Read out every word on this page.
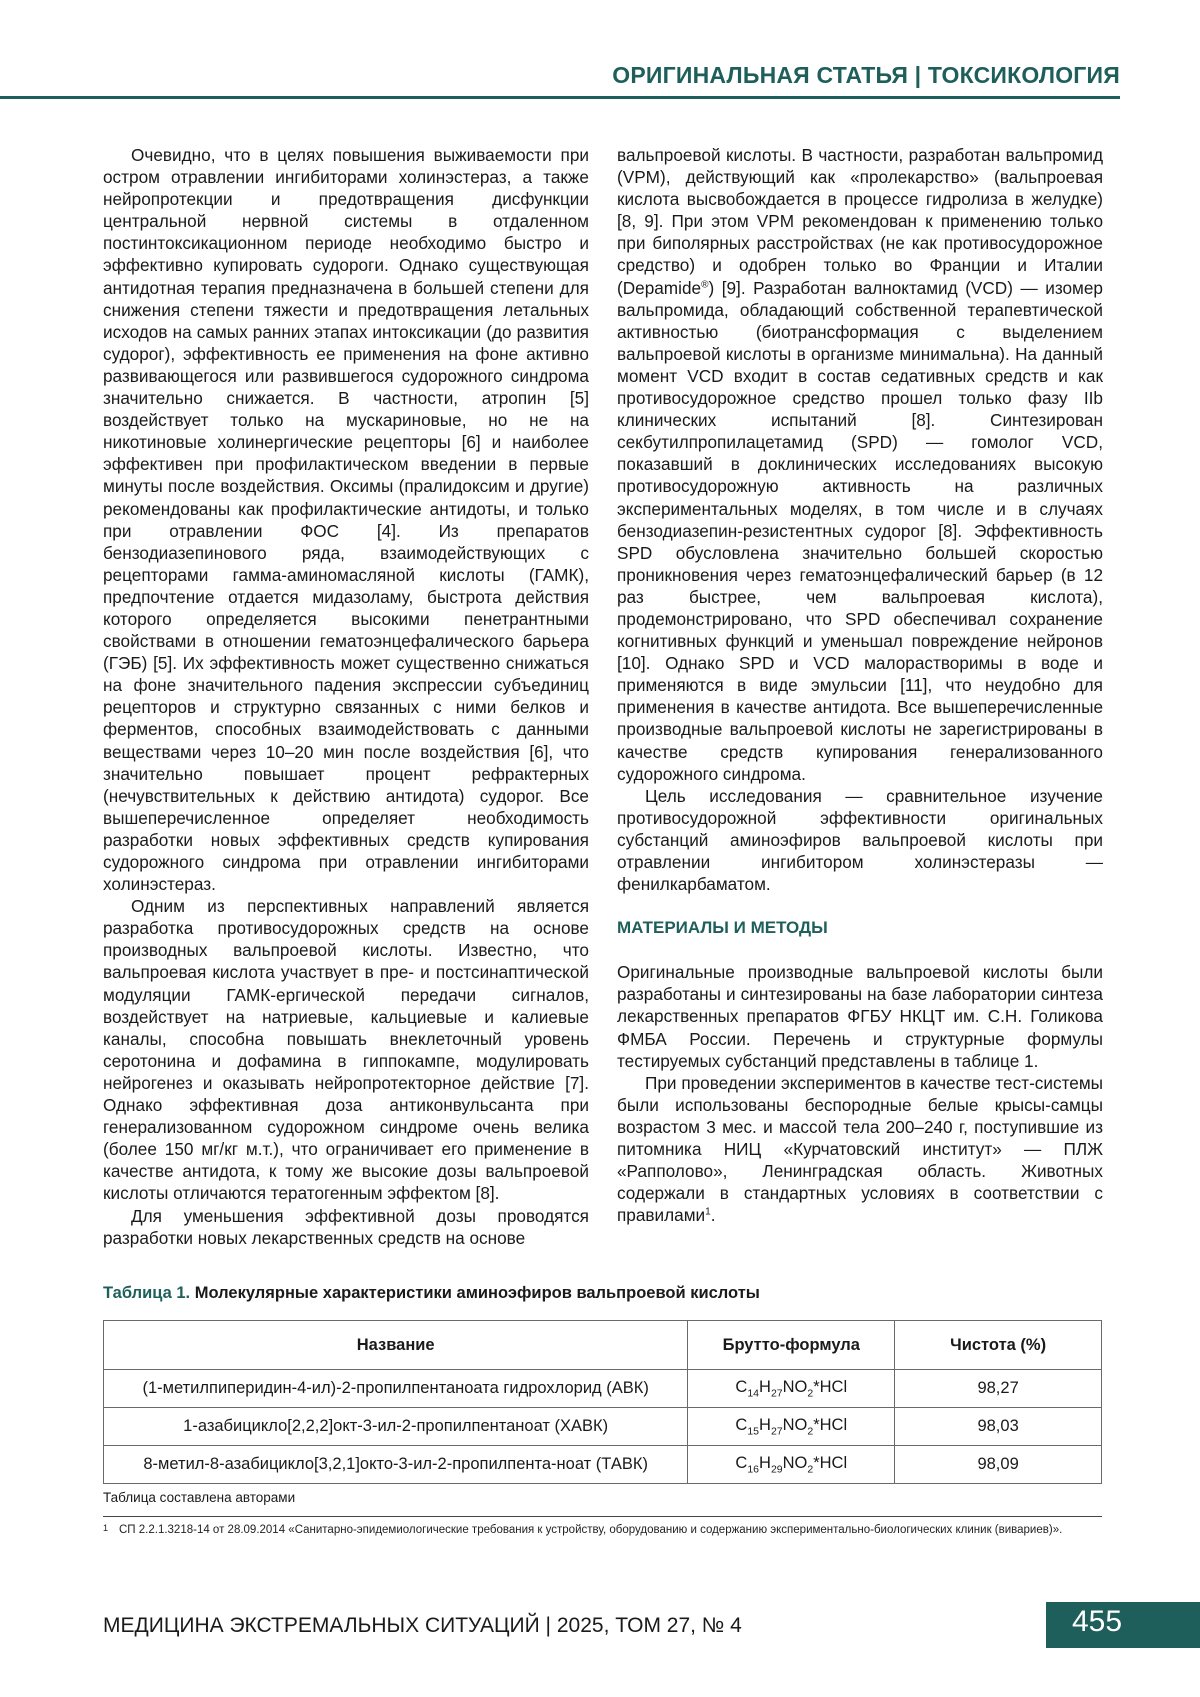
ОРИГИНАЛЬНАЯ СТАТЬЯ | ТОКСИКОЛОГИЯ

Очевидно, что в целях повышения выживаемости при остром отравлении ингибиторами холинэстераз, а также нейропротекции и предотвращения дисфункции центральной нервной системы в отдаленном постинтоксикационном периоде необходимо быстро и эффективно купировать судороги. Однако существующая антидотная терапия предназначена в большей степени для снижения степени тяжести и предотвращения летальных исходов на самых ранних этапах интоксикации (до развития судорог), эффективность ее применения на фоне активно развивающегося или развившегося судорожного синдрома значительно снижается. В частности, атропин [5] воздействует только на мускариновые, но не на никотиновые холинергические рецепторы [6] и наиболее эффективен при профилактическом введении в первые минуты после воздействия. Оксимы (пралидоксим и другие) рекомендованы как профилактические антидоты, и только при отравлении ФОС [4]. Из препаратов бензодиазепинового ряда, взаимодействующих с рецепторами гамма-аминомасляной кислоты (ГАМК), предпочтение отдается мидазоламу, быстрота действия которого определяется высокими пенетрантными свойствами в отношении гематоэнцефалического барьера (ГЭБ) [5]. Их эффективность может существенно снижаться на фоне значительного падения экспрессии субъединиц рецепторов и структурно связанных с ними белков и ферментов, способных взаимодействовать с данными веществами через 10–20 мин после воздействия [6], что значительно повышает процент рефрактерных (нечувствительных к действию антидота) судорог. Все вышеперечисленное определяет необходимость разработки новых эффективных средств купирования судорожного синдрома при отравлении ингибиторами холинэстераз.

Одним из перспективных направлений является разработка противосудорожных средств на основе производных вальпроевой кислоты. Известно, что вальпроевая кислота участвует в пре- и постсинаптической модуляции ГАМК-ергической передачи сигналов, воздействует на натриевые, кальциевые и калиевые каналы, способна повышать внеклеточный уровень серотонина и дофамина в гиппокампе, модулировать нейрогенез и оказывать нейропротекторное действие [7]. Однако эффективная доза антиконвульсанта при генерализованном судорожном синдроме очень велика (более 150 мг/кг м.т.), что ограничивает его применение в качестве антидота, к тому же высокие дозы вальпроевой кислоты отличаются тератогенным эффектом [8].

Для уменьшения эффективной дозы проводятся разработки новых лекарственных средств на основе

вальпроевой кислоты. В частности, разработан вальпромид (VPM), действующий как «пролекарство» (вальпроевая кислота высвобождается в процессе гидролиза в желудке) [8, 9]. При этом VPM рекомендован к применению только при биполярных расстройствах (не как противосудорожное средство) и одобрен только во Франции и Италии (Depamide®) [9]. Разработан валноктамид (VCD) — изомер вальпромида, обладающий собственной терапевтической активностью (биотрансформация с выделением вальпроевой кислоты в организме минимальна). На данный момент VCD входит в состав седативных средств и как противосудорожное средство прошел только фазу IIb клинических испытаний [8]. Синтезирован секбутилпропилацетамид (SPD) — гомолог VCD, показавший в доклинических исследованиях высокую противосудорожную активность на различных экспериментальных моделях, в том числе и в случаях бензодиазепин-резистентных судорог [8]. Эффективность SPD обусловлена значительно большей скоростью проникновения через гематоэнцефалический барьер (в 12 раз быстрее, чем вальпроевая кислота), продемонстрировано, что SPD обеспечивал сохранение когнитивных функций и уменьшал повреждение нейронов [10]. Однако SPD и VCD малорастворимы в воде и применяются в виде эмульсии [11], что неудобно для применения в качестве антидота. Все вышеперечисленные производные вальпроевой кислоты не зарегистрированы в качестве средств купирования генерализованного судорожного синдрома.

Цель исследования — сравнительное изучение противосудорожной эффективности оригинальных субстанций аминоэфиров вальпроевой кислоты при отравлении ингибитором холинэстеразы — фенилкарбаматом.

МАТЕРИАЛЫ И МЕТОДЫ

Оригинальные производные вальпроевой кислоты были разработаны и синтезированы на базе лаборатории синтеза лекарственных препаратов ФГБУ НКЦТ им. С.Н. Голикова ФМБА России. Перечень и структурные формулы тестируемых субстанций представлены в таблице 1.

При проведении экспериментов в качестве тест-системы были использованы беспородные белые крысы-самцы возрастом 3 мес. и массой тела 200–240 г, поступившие из питомника НИЦ «Курчатовский институт» — ПЛЖ «Рапполово», Ленинградская область. Животных содержали в стандартных условиях в соответствии с правилами$^1$.

Таблица 1. Молекулярные характеристики аминоэфиров вальпроевой кислоты
Название	Брутто-формула	Чистота (%)
(1-метилпиперидин-4-ил)-2-пропилпентаноата гидрохлорид (АВК)	$C_{14}H_{27}NO_2*HCl$	98,27
1-азабицикло[2,2,2]окт-3-ил-2-пропилпентаноат (ХАВК)	$C_{15}H_{27}NO_2*HCl$	98,03
8-метил-8-азабицикло[3,2,1]окто-3-ил-2-пропилпента-ноат (ТАВК)	$C_{16}H_{29}NO_2*HCl$	98,09
Таблица составлена авторами
1 СП 2.2.1.3218-14 от 28.09.2014 «Санитарно-эпидемиологические требования к устройству, оборудованию и содержанию экспериментально-биологических клиник (вивариев)».
МЕДИЦИНА ЭКСТРЕМАЛЬНЫХ СИТУАЦИЙ | 2025, ТОМ 27, № 4	455
